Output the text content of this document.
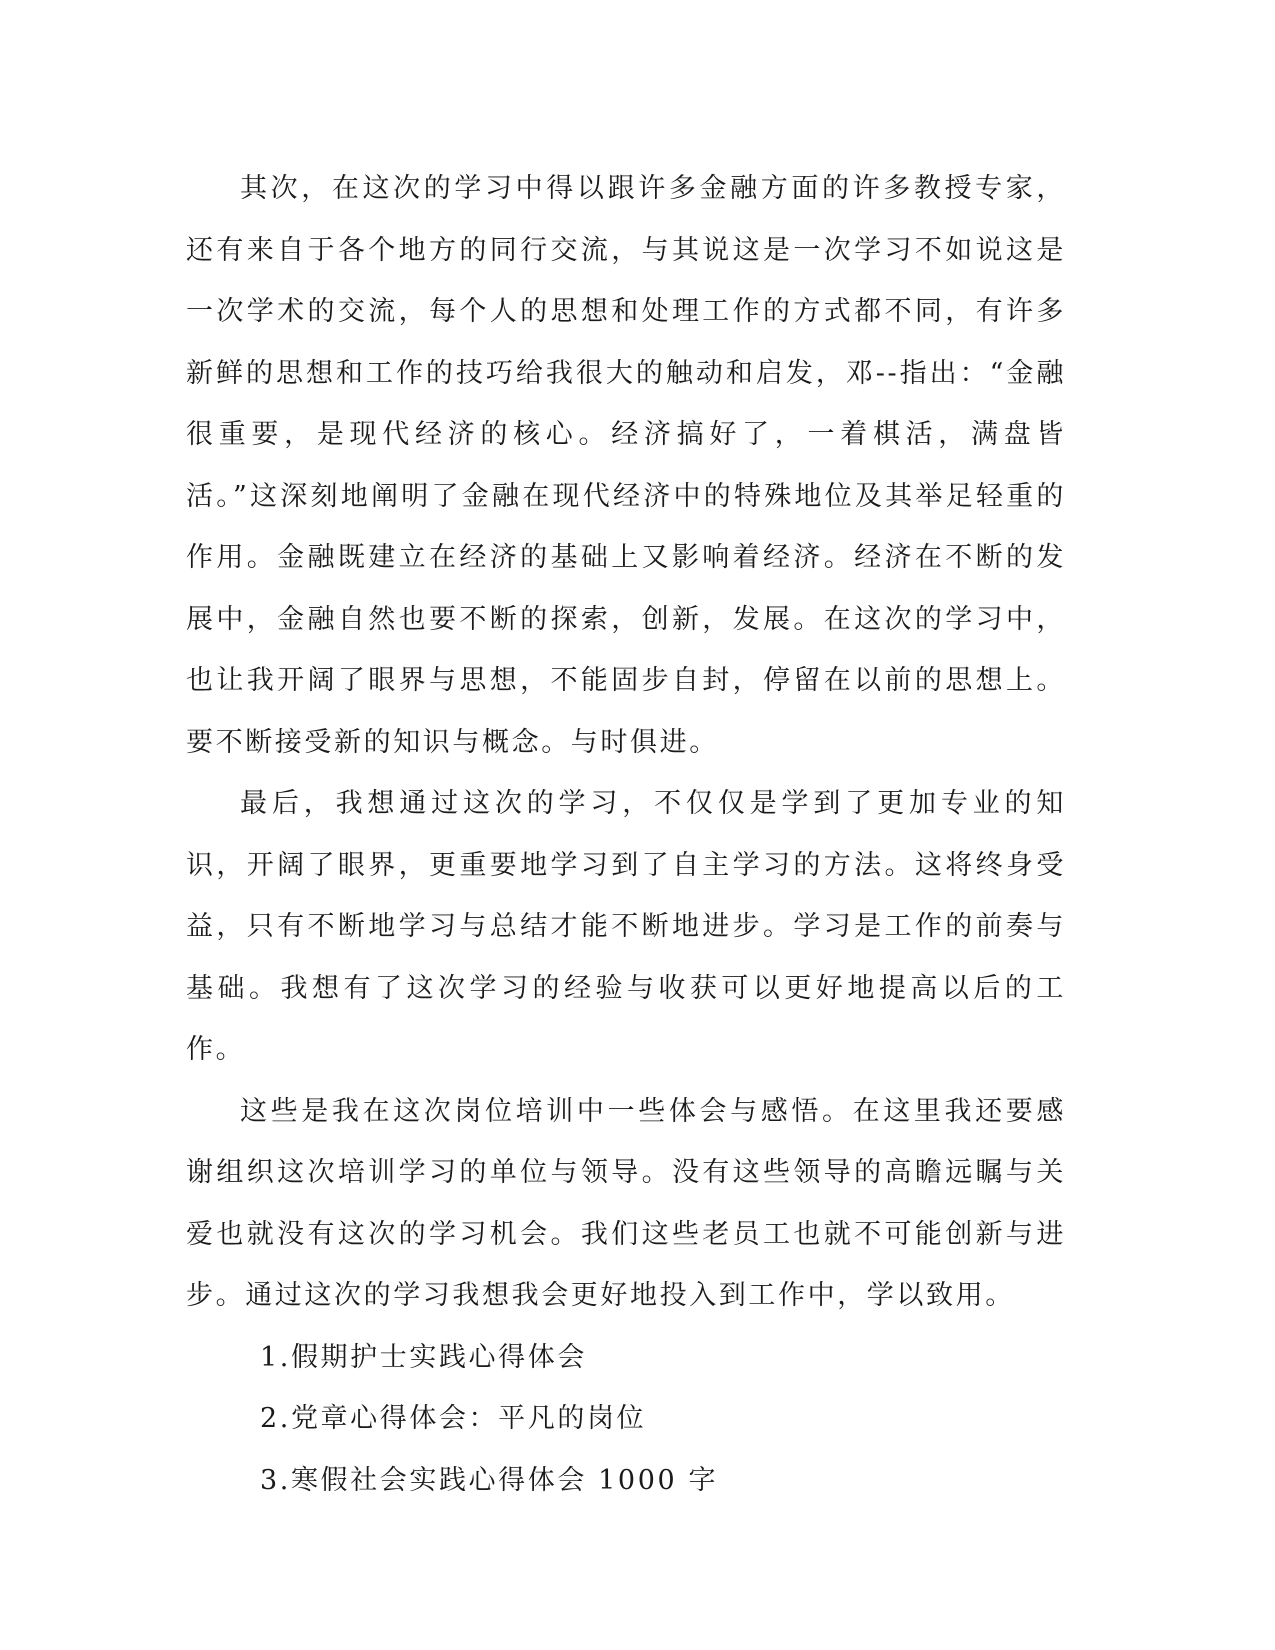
其次，在这次的学习中得以跟许多金融方面的许多教授专家，还有来自于各个地方的同行交流，与其说这是一次学习不如说这是一次学术的交流，每个人的思想和处理工作的方式都不同，有许多新鲜的思想和工作的技巧给我很大的触动和启发，邓--指出：“金融很重要，是现代经济的核心。经济搞好了，一着棋活，满盘皆活。”这深刻地阐明了金融在现代经济中的特殊地位及其举足轻重的作用。金融既建立在经济的基础上又影响着经济。经济在不断的发展中，金融自然也要不断的探索，创新，发展。在这次的学习中，也让我开阔了眼界与思想，不能固步自封，停留在以前的思想上。要不断接受新的知识与概念。与时俱进。

最后，我想通过这次的学习，不仅仅是学到了更加专业的知识，开阔了眼界，更重要地学习到了自主学习的方法。这将终身受益，只有不断地学习与总结才能不断地进步。学习是工作的前奏与基础。我想有了这次学习的经验与收获可以更好地提高以后的工作。

这些是我在这次岗位培训中一些体会与感悟。在这里我还要感谢组织这次培训学习的单位与领导。没有这些领导的高瞻远瞩与关爱也就没有这次的学习机会。我们这些老员工也就不可能创新与进步。通过这次的学习我想我会更好地投入到工作中，学以致用。

1.假期护士实践心得体会
2.党章心得体会：平凡的岗位
3.寒假社会实践心得体会 1000 字
